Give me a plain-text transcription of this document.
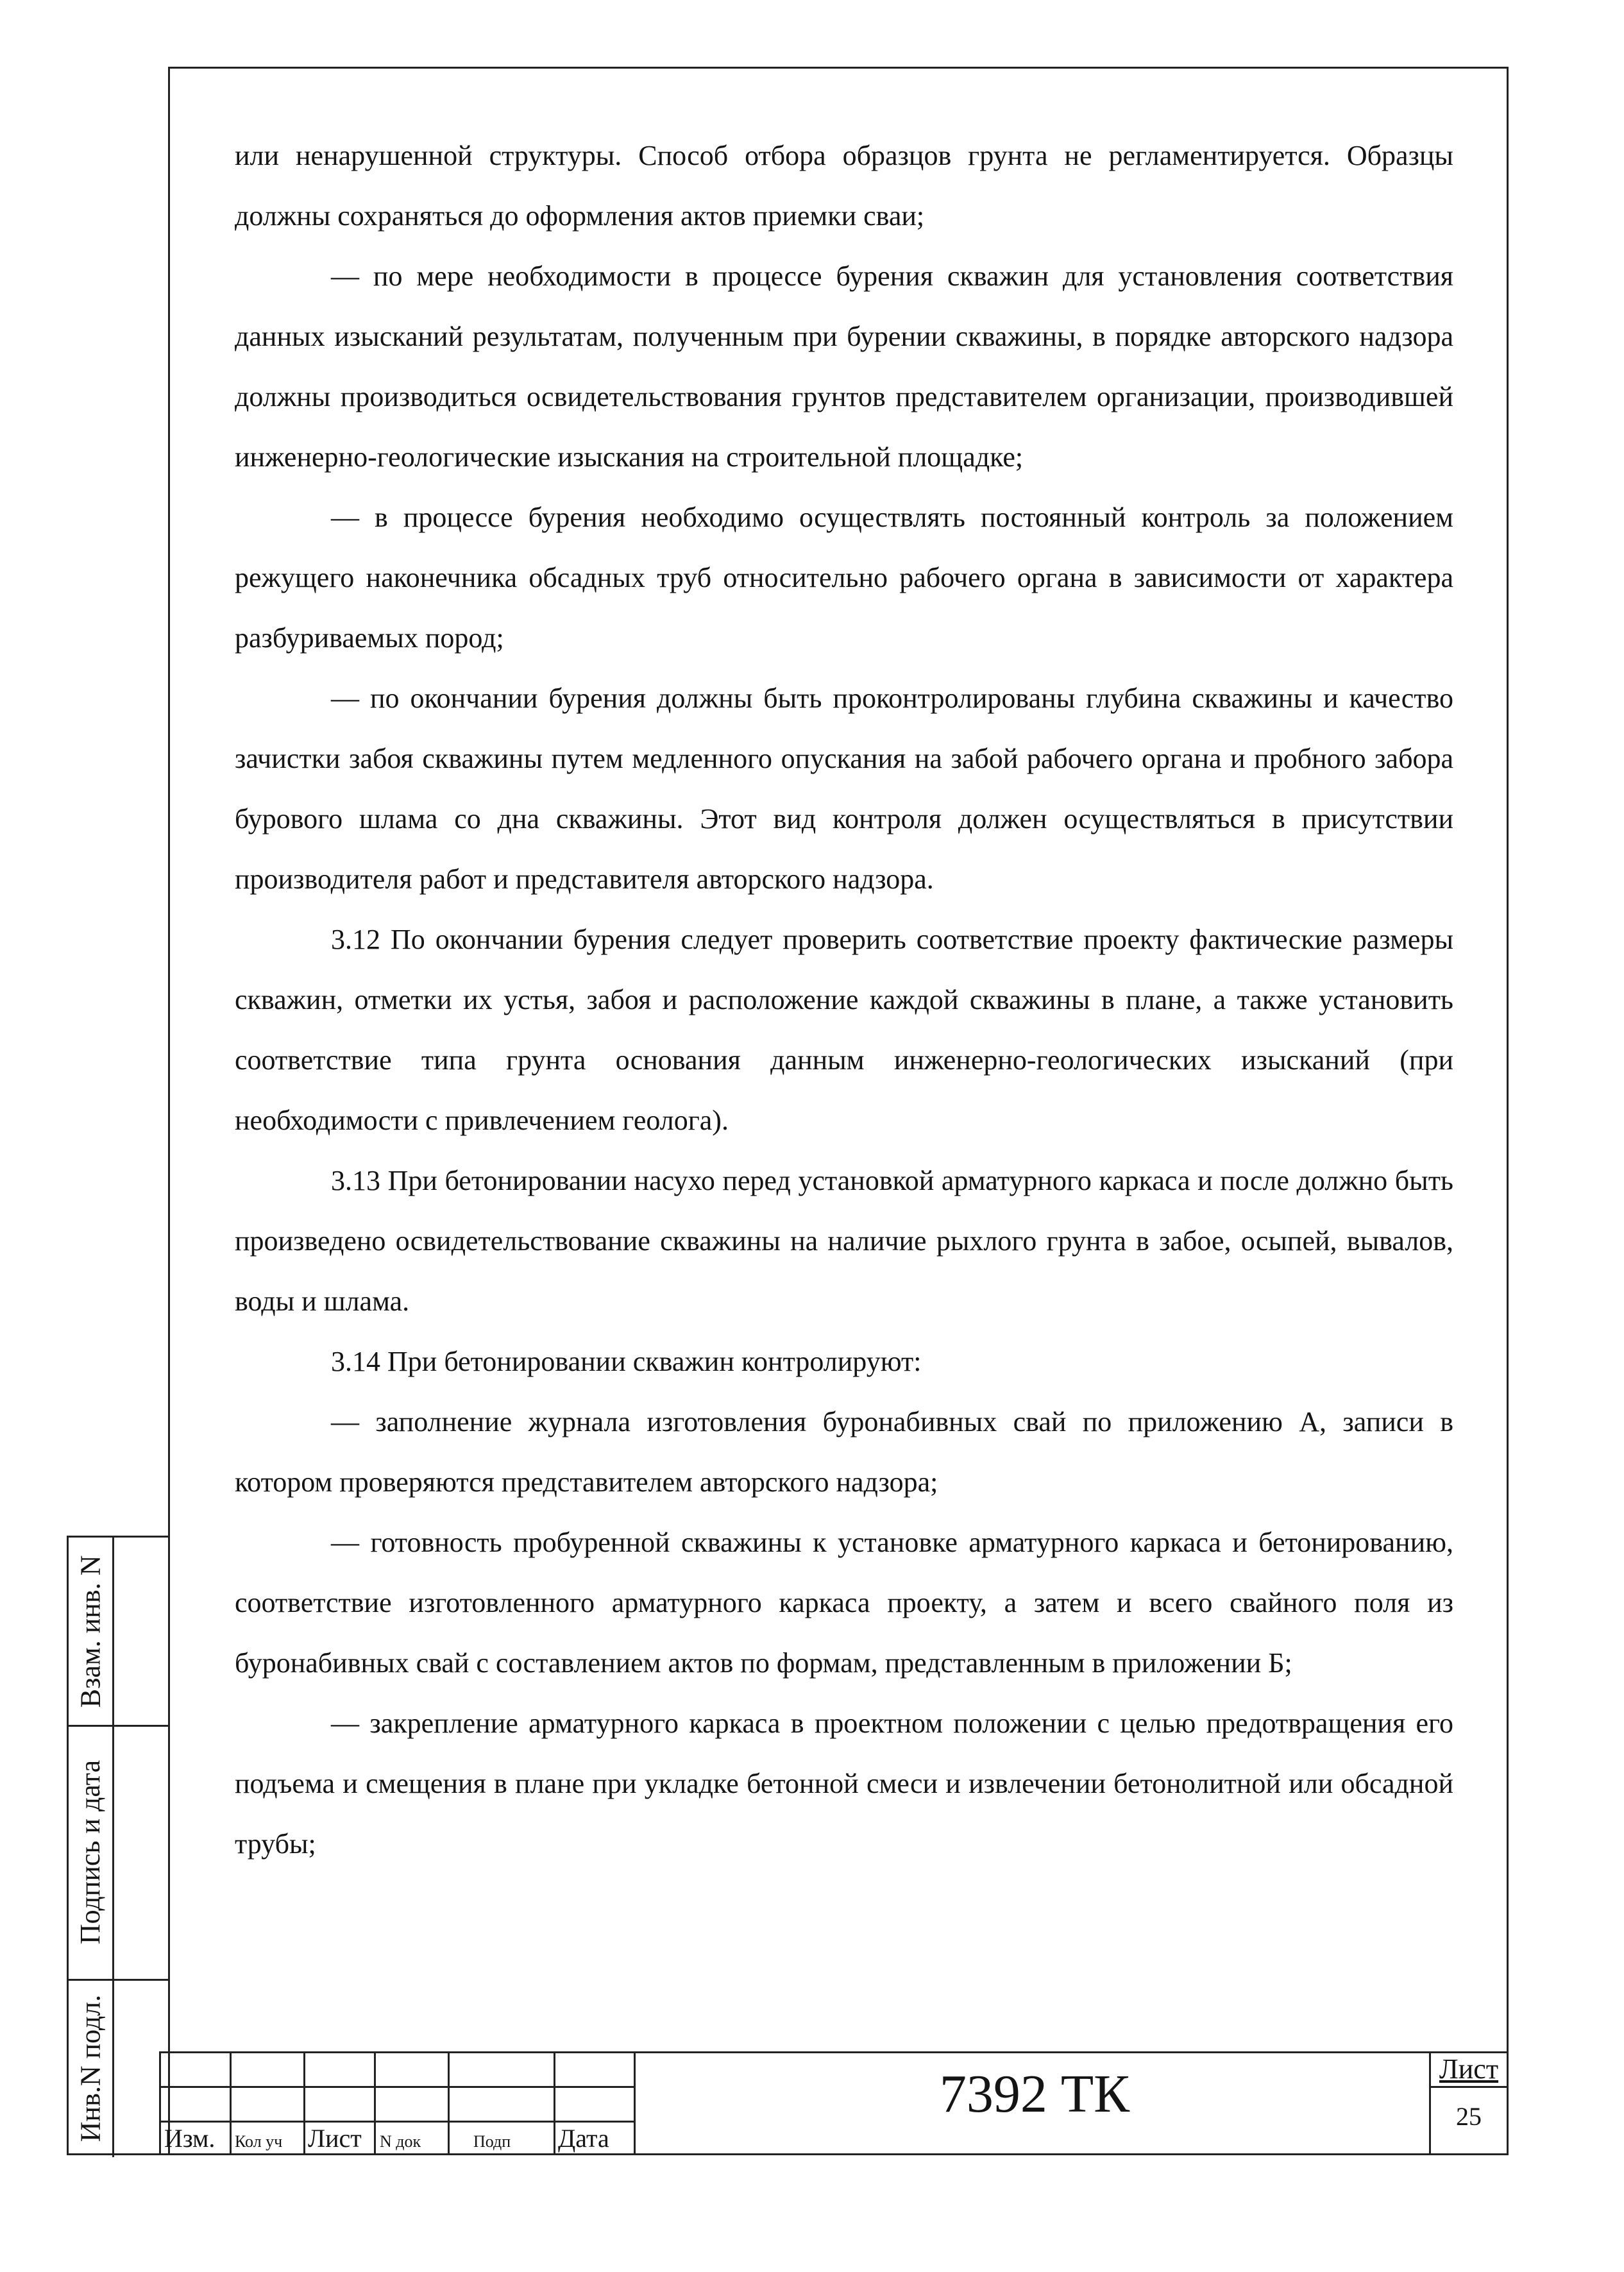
или ненарушенной структуры. Способ отбора образцов грунта не регламентируется. Образцы должны сохраняться до оформления актов приемки сваи;

— по мере необходимости в процессе бурения скважин для установления соответствия данных изысканий результатам, полученным при бурении скважины, в порядке авторского надзора должны производиться освидетельствования грунтов представителем организации, производившей инженерно-геологические изыскания на строительной площадке;

— в процессе бурения необходимо осуществлять постоянный контроль за положением режущего наконечника обсадных труб относительно рабочего органа в зависимости от характера разбуриваемых пород;

— по окончании бурения должны быть проконтролированы глубина скважины и качество зачистки забоя скважины путем медленного опускания на забой рабочего органа и пробного забора бурового шлама со дна скважины. Этот вид контроля должен осуществляться в присутствии производителя работ и представителя авторского надзора.

3.12 По окончании бурения следует проверить соответствие проекту фактические размеры скважин, отметки их устья, забоя и расположение каждой скважины в плане, а также установить соответствие типа грунта основания данным инженерно-геологических изысканий (при необходимости с привлечением геолога).

3.13 При бетонировании насухо перед установкой арматурного каркаса и после должно быть произведено освидетельствование скважины на наличие рыхлого грунта в забое, осыпей, вывалов, воды и шлама.

3.14 При бетонировании скважин контролируют:

— заполнение журнала изготовления буронабивных свай по приложению А, записи в котором проверяются представителем авторского надзора;

— готовность пробуренной скважины к установке арматурного каркаса и бетонированию, соответствие изготовленного арматурного каркаса проекту, а затем и всего свайного поля из буронабивных свай с составлением актов по формам, представленным в приложении Б;

— закрепление арматурного каркаса в проектном положении с целью предотвращения его подъема и смещения в плане при укладке бетонной смеси и извлечении бетонолитной или обсадной трубы;

Взам. инв. N
Подпись и дата
Инв.N подл. Изм. Кол уч Лист N док	Подп Дата
7392 ТК	Лист
25
